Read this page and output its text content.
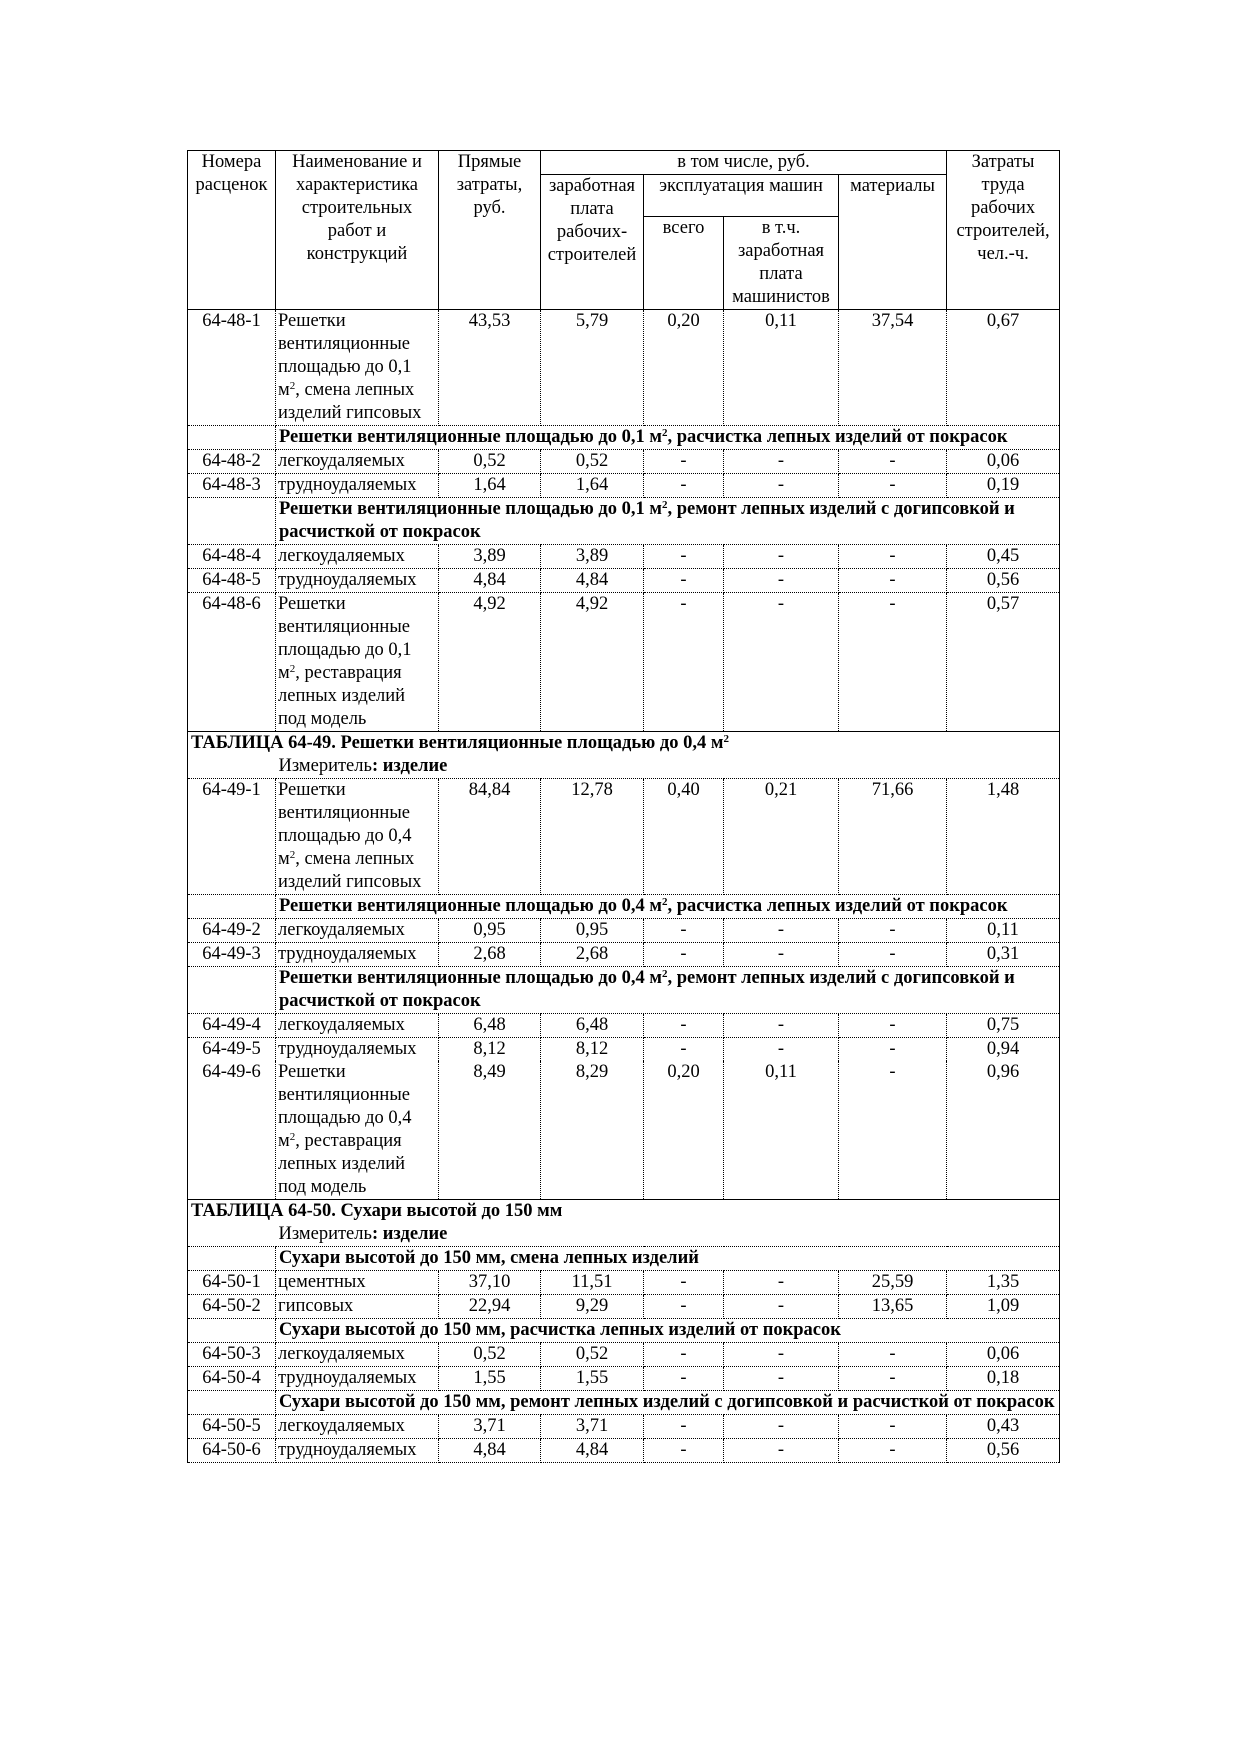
Номера расценок	Наименование и характеристика строительных работ и конструкций	Прямые затраты, руб.	в том числе, руб.				Затраты труда рабочих строителей, чел.-ч.
			заработная плата рабочих-строителей	эксплуатация машин		материалы	
				всего	в т.ч. заработная плата машинистов		
64-48-1	Решетки вентиляционные площадью до 0,1 $м^2$, смена лепных изделий гипсовых	43,53	5,79	0,20	0,11	37,54	0,67
	Решетки вентиляционные площадью до 0,1 $м^2$, расчистка лепных изделий от покрасок						
64-48-2	легкоудаляемых	0,52	0,52	-	-	-	0,06
64-48-3	трудноудаляемых	1,64	1,64	-	-	-	0,19
	Решетки вентиляционные площадью до 0,1 $м^2$, ремонт лепных изделий с догипсовкой и расчисткой от покрасок						
64-48-4	легкоудаляемых	3,89	3,89	-	-	-	0,45
64-48-5	трудноудаляемых	4,84	4,84	-	-	-	0,56
64-48-6	Решетки вентиляционные площадью до 0,1 $м^2$, реставрация лепных изделий под модель	4,92	4,92	-	-	-	0,57
ТАБЛИЦА 64-49. Решетки вентиляционные площадью до 0,4 $м^2$
	Измеритель: изделие						
64-49-1	Решетки вентиляционные площадью до 0,4 $м^2$, смена лепных изделий гипсовых	84,84	12,78	0,40	0,21	71,66	1,48
	Решетки вентиляционные площадью до 0,4 $м^2$, расчистка лепных изделий от покрасок						
64-49-2	легкоудаляемых	0,95	0,95	-	-	-	0,11
64-49-3	трудноудаляемых	2,68	2,68	-	-	-	0,31
	Решетки вентиляционные площадью до 0,4 $м^2$, ремонт лепных изделий с догипсовкой и расчисткой от покрасок						
64-49-4	легкоудаляемых	6,48	6,48	-	-	-	0,75
64-49-5	трудноудаляемых	8,12	8,12	-	-	-	0,94
64-49-6	Решетки вентиляционные площадью до 0,4 $м^2$, реставрация лепных изделий под модель	8,49	8,29	0,20	0,11	-	0,96
ТАБЛИЦА 64-50. Сухари высотой до 150 мм							
	Измеритель: изделие						
	Сухари высотой до 150 мм, смена лепных изделий						
64-50-1	цементных	37,10	11,51	-	-	25,59	1,35
64-50-2	гипсовых	22,94	9,29	-	-	13,65	1,09
	Сухари высотой до 150 мм, расчистка лепных изделий от покрасок						
64-50-3	легкоудаляемых	0,52	0,52	-	-	-	0,06
64-50-4	трудноудаляемых	1,55	1,55	-	-	-	0,18
	Сухари высотой до 150 мм, ремонт лепных изделий с догипсовкой и расчисткой от покрасок						
64-50-5	легкоудаляемых	3,71	3,71	-	-	-	0,43
64-50-6	трудноудаляемых	4,84	4,84	-	-	-	0,56
